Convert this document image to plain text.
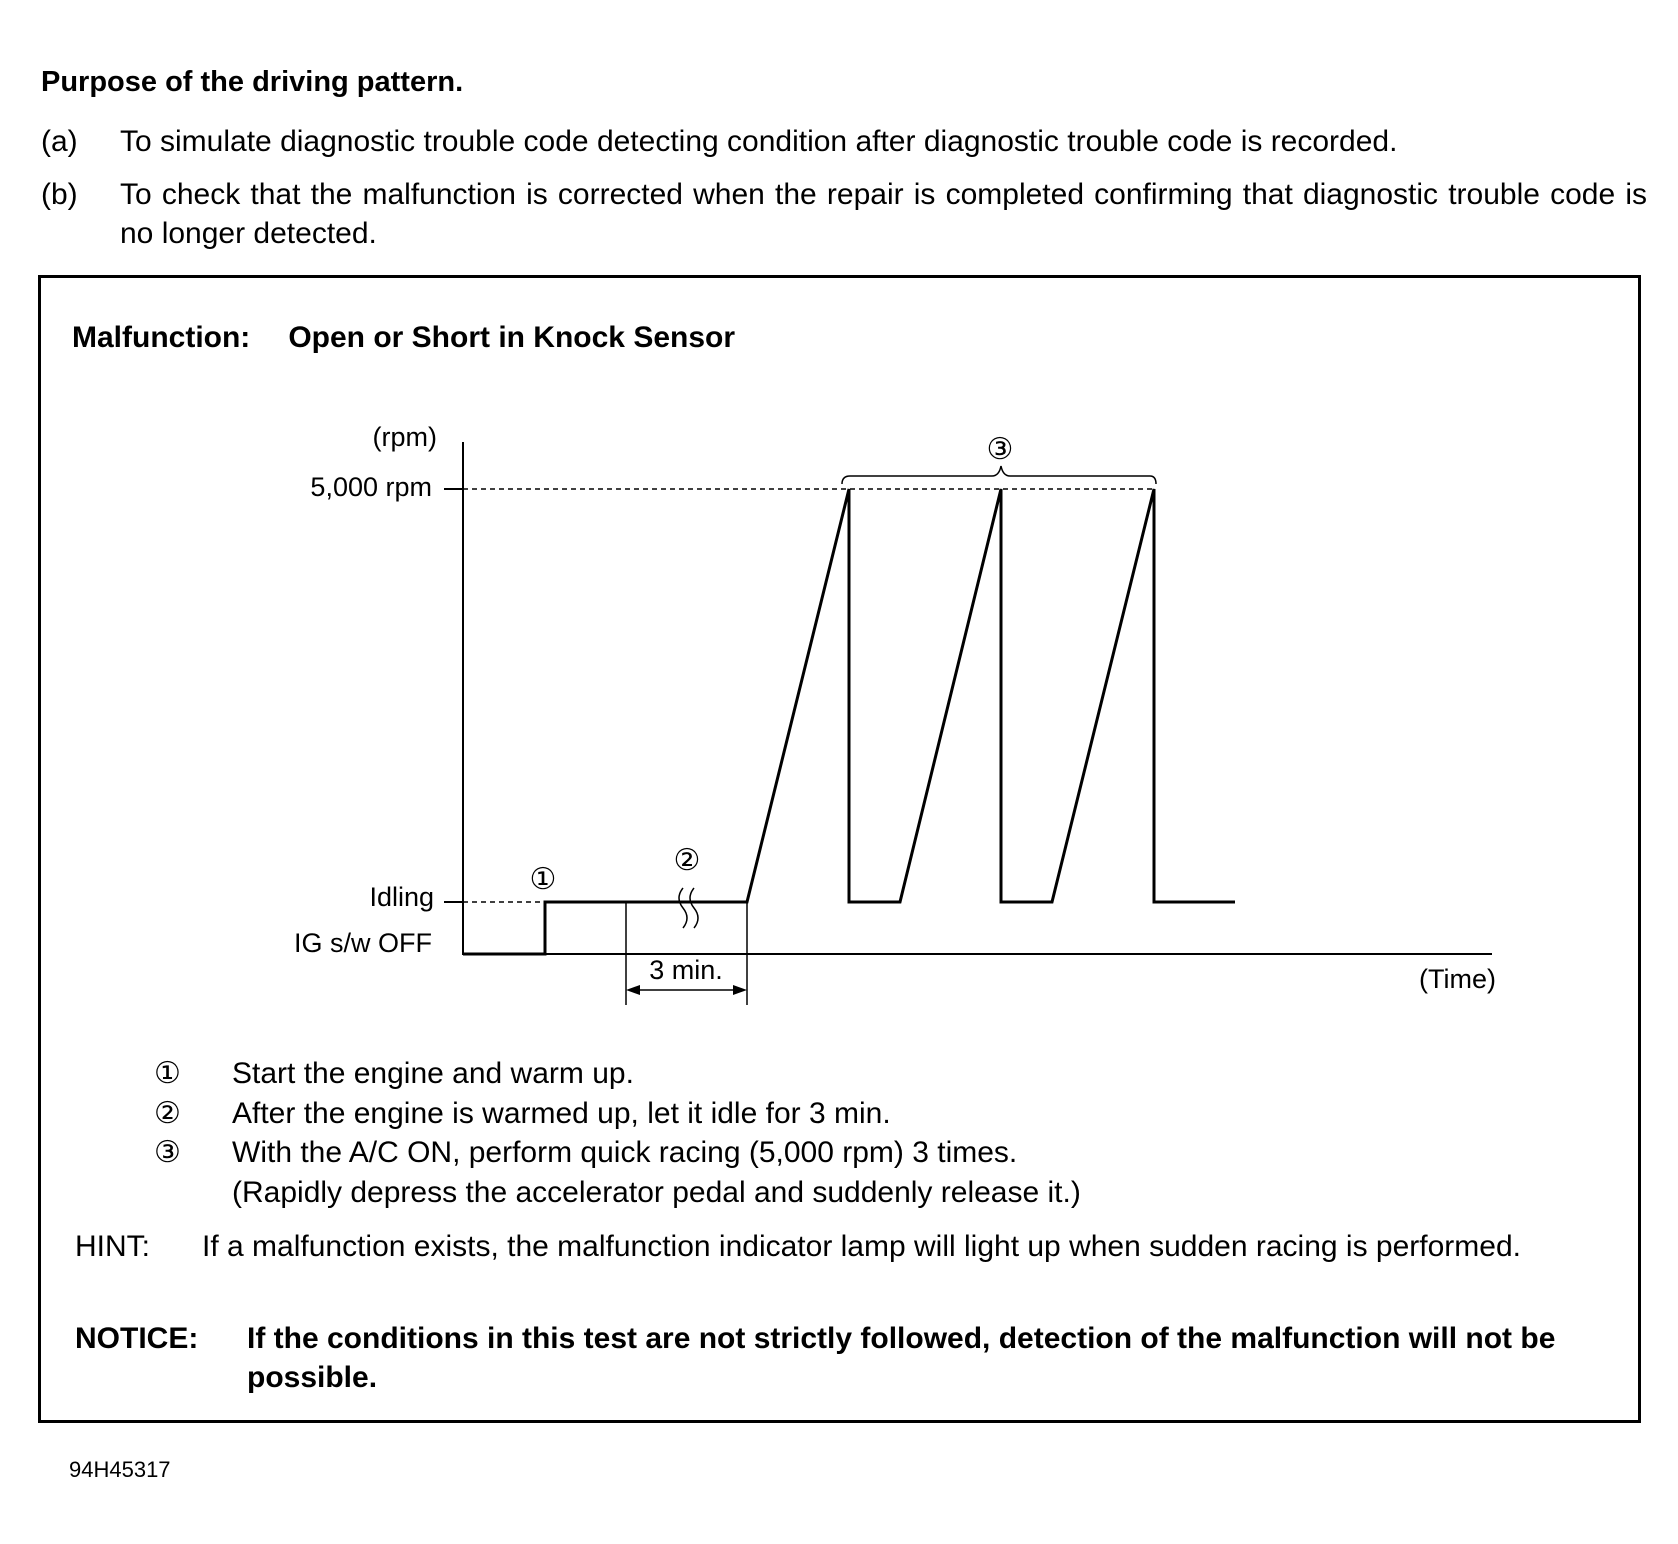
Purpose of the driving pattern.
(a) To simulate diagnostic trouble code detecting condition after diagnostic trouble code is recorded.
(b) To check that the malfunction is corrected when the repair is completed confirming that diagnostic trouble code is no longer detected.
Malfunction: Open or Short in Knock Sensor
(rpm)
5,000 rpm
Idling
IG s/w OFF
3 min.	(Time)
①
②
③
① Start the engine and warm up.
② After the engine is warmed up, let it idle for 3 min.
③ With the A/C ON, perform quick racing (5,000 rpm) 3 times.
(Rapidly depress the accelerator pedal and suddenly release it.)
HINT: If a malfunction exists, the malfunction indicator lamp will light up when sudden racing is performed.
NOTICE: If the conditions in this test are not strictly followed, detection of the malfunction will not be possible.
94H45317
